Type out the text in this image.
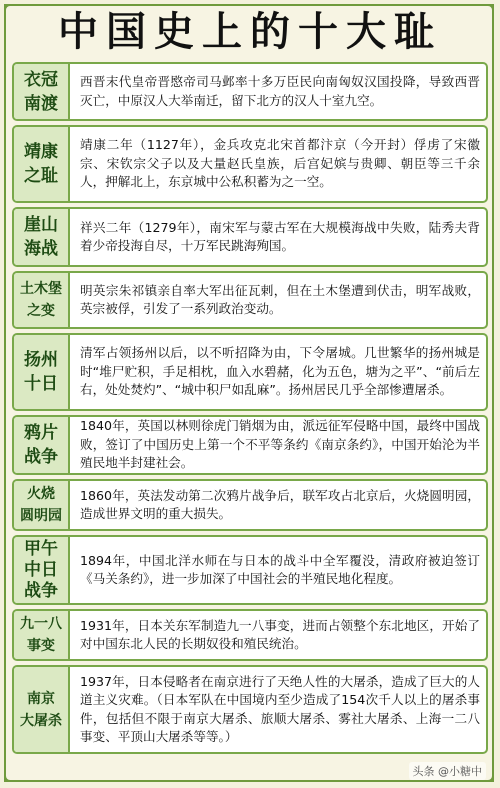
中国史上的十大耻
衣冠
南渡
西晋末代皇帝晋愍帝司马邺率十多万臣民向南匈奴汉国投降，导致西晋灭亡，中原汉人大举南迁，留下北方的汉人十室九空。
靖康
之耻
靖康二年（1127年），金兵攻克北宋首都汴京（今开封）俘虏了宋徽宗、宋钦宗父子以及大量赵氏皇族，后宫妃嫔与贵卿、朝臣等三千余人，押解北上，东京城中公私积蓄为之一空。
崖山
海战
祥兴二年（1279年），南宋军与蒙古军在大规模海战中失败，陆秀夫背着少帝投海自尽，十万军民跳海殉国。
土木堡
之变
明英宗朱祁镇亲自率大军出征瓦剌，但在土木堡遭到伏击，明军战败，英宗被俘，引发了一系列政治变动。
扬州
十日
清军占领扬州以后，以不听招降为由，下令屠城。几世繁华的扬州城是时“堆尸贮积，手足相枕，血入水碧赭，化为五色，塘为之平”、“前后左右，处处焚灼”、“城中积尸如乱麻”。扬州居民几乎全部惨遭屠杀。
鸦片
战争
1840年，英国以林则徐虎门销烟为由，派远征军侵略中国，最终中国战败，签订了中国历史上第一个不平等条约《南京条约》，中国开始沦为半殖民地半封建社会。
火烧
圆明园
1860年，英法发动第二次鸦片战争后，联军攻占北京后，火烧圆明园，造成世界文明的重大损失。
甲午
中日
战争
1894年，中国北洋水师在与日本的战斗中全军覆没，清政府被迫签订《马关条约》，进一步加深了中国社会的半殖民地化程度。
九一八
事变
1931年，日本关东军制造九一八事变，进而占领整个东北地区，开始了对中国东北人民的长期奴役和殖民统治。
南京
大屠杀
1937年，日本侵略者在南京进行了天绝人性的大屠杀，造成了巨大的人道主义灾难。（日本军队在中国境内至少造成了154次千人以上的屠杀事件，包括但不限于南京大屠杀、旅顺大屠杀、雾社大屠杀、上海一二八事变、平顶山大屠杀等等。）
头条 @小糖中
